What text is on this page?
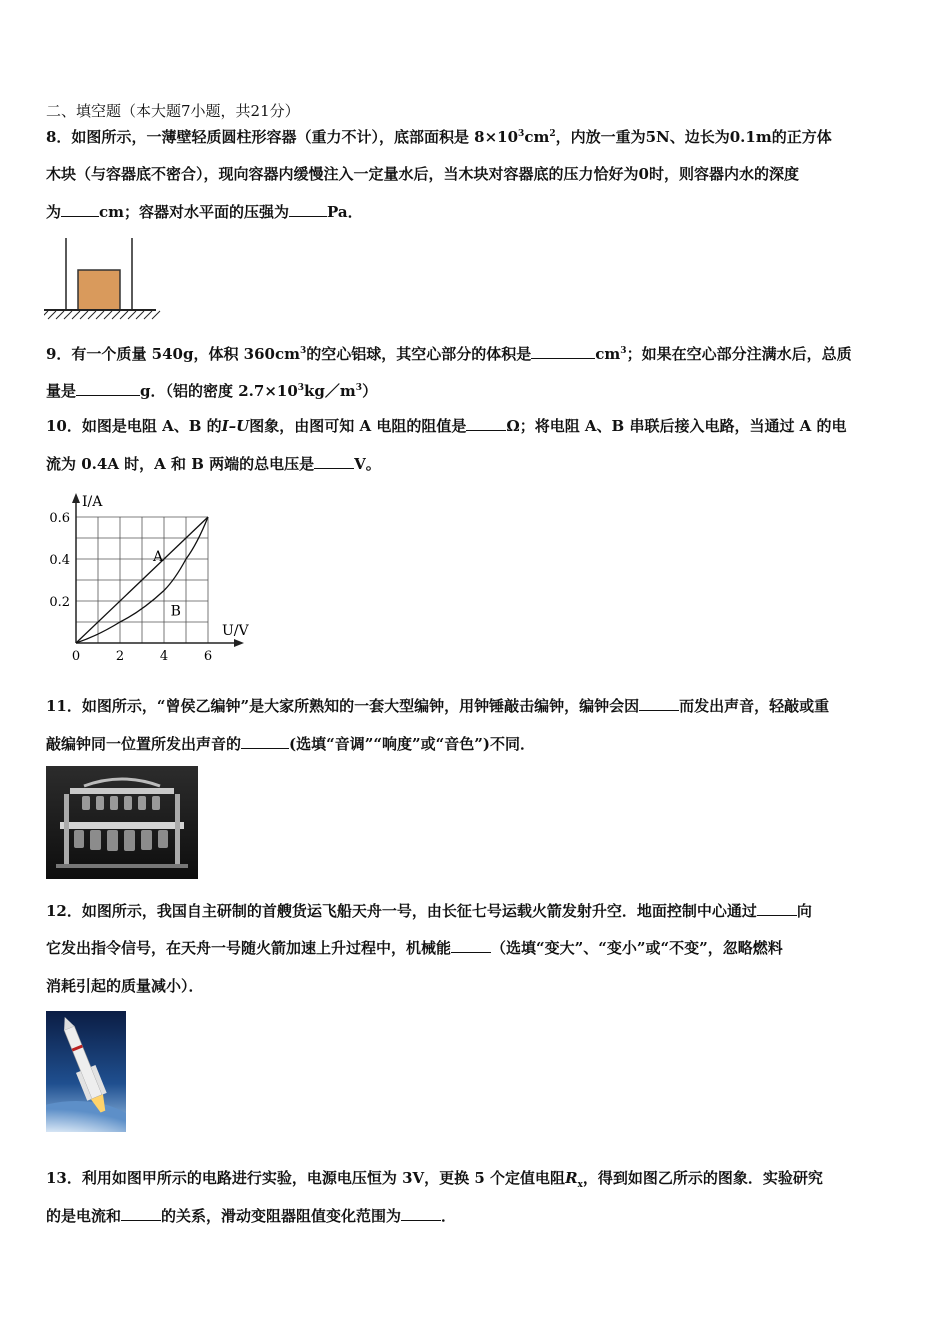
二、填空题（本大题7小题，共21分）
8．如图所示，一薄壁轻质圆柱形容器（重力不计），底部面积是 $8\times 10^3cm^2$，内放一重为5N、边长为0.1m的正方体
木块（与容器底不密合），现向容器内缓慢注入一定量水后，当木块对容器底的压力恰好为0时，则容器内水的深度
为	cm；容器对水平面的压强为	Pa．
9．有一个质量 540g，体积 $360cm^3$的空心铝球，其空心部分的体积是	$cm^3$；如果在空心部分注满水后，总质
量是	g．（铝的密度 $2.7\times 10^3kg/m^3$）
10．如图是电阻 A、B 的I–U图象，由图可知 A 电阻的阻值是	Ω；将电阻 A、B 串联后接入电路，当通过 A 的电
流为 0.4A 时，A 和 B 两端的总电压是	V。
I/A
U/V
0	2	4	6
0.2
0.4
0.6
A
B
11．如图所示，“曾侯乙编钟”是大家所熟知的一套大型编钟，用钟锤敲击编钟，编钟会因	而发出声音，轻敲或重
敲编钟同一位置所发出声音的	(选填“音调”“响度”或“音色”)不同．
12．如图所示，我国自主研制的首艘货运飞船天舟一号，由长征七号运载火箭发射升空．地面控制中心通过	向
它发出指令信号，在天舟一号随火箭加速上升过程中，机械能	（选填“变大”、“变小”或“不变”，忽略燃料
消耗引起的质量减小）．
13．利用如图甲所示的电路进行实验，电源电压恒为 3V，更换 5 个定值电阻$R_x$，得到如图乙所示的图象．实验研究
的是电流和	的关系，滑动变阻器阻值变化范围为	．
